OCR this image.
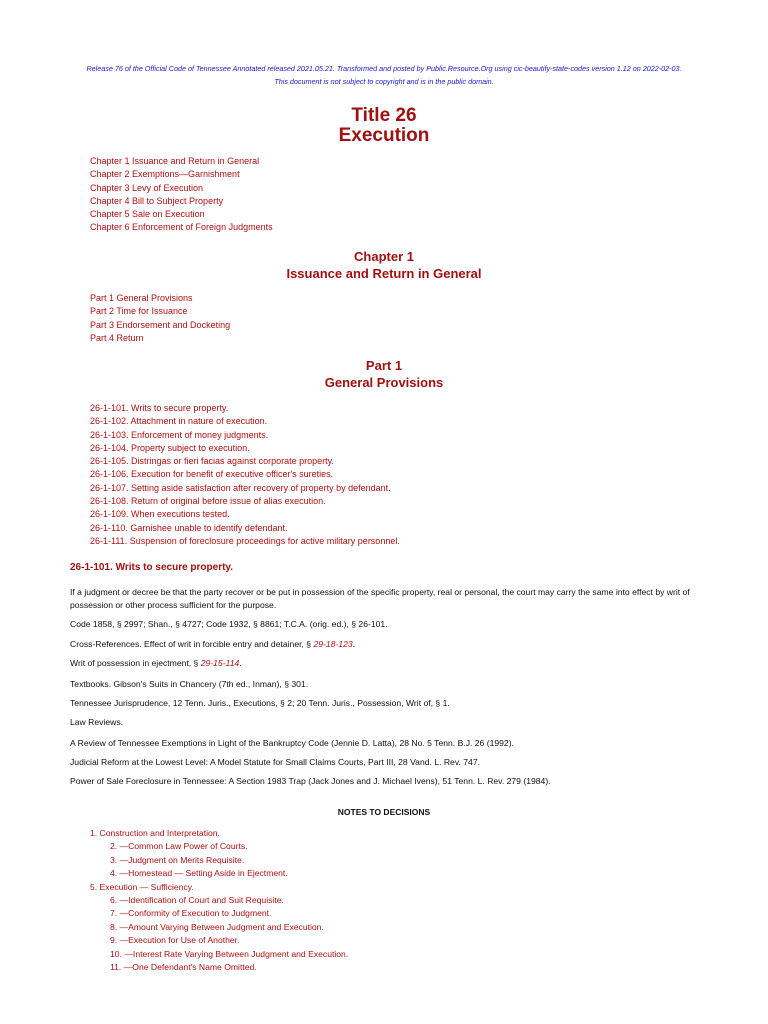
Release 76 of the Official Code of Tennessee Annotated released 2021.05.21. Transformed and posted by Public.Resource.Org using cic-beautify-state-codes version 1.12 on 2022-02-03.
This document is not subject to copyright and is in the public domain.
Title 26
Execution
Chapter 1 Issuance and Return in General
Chapter 2 Exemptions—Garnishment
Chapter 3 Levy of Execution
Chapter 4 Bill to Subject Property
Chapter 5 Sale on Execution
Chapter 6 Enforcement of Foreign Judgments
Chapter 1
Issuance and Return in General
Part 1 General Provisions
Part 2 Time for Issuance
Part 3 Endorsement and Docketing
Part 4 Return
Part 1
General Provisions
26-1-101. Writs to secure property.
26-1-102. Attachment in nature of execution.
26-1-103. Enforcement of money judgments.
26-1-104. Property subject to execution.
26-1-105. Distringas or fieri facias against corporate property.
26-1-106. Execution for benefit of executive officer's sureties.
26-1-107. Setting aside satisfaction after recovery of property by defendant.
26-1-108. Return of original before issue of alias execution.
26-1-109. When executions tested.
26-1-110. Garnishee unable to identify defendant.
26-1-111. Suspension of foreclosure proceedings for active military personnel.
26-1-101. Writs to secure property.

If a judgment or decree be that the party recover or be put in possession of the specific property, real or personal, the court may carry the same into effect by writ of possession or other process sufficient for the purpose.

Code 1858, § 2997; Shan., § 4727; Code 1932, § 8861; T.C.A. (orig. ed.), § 26-101.

Cross-References. Effect of writ in forcible entry and detainer, § 29-18-123.

Writ of possession in ejectment, § 29-15-114.

Textbooks. Gibson's Suits in Chancery (7th ed., Inman), § 301.

Tennessee Jurisprudence, 12 Tenn. Juris., Executions, § 2; 20 Tenn. Juris., Possession, Writ of, § 1.

Law Reviews.

A Review of Tennessee Exemptions in Light of the Bankruptcy Code (Jennie D. Latta), 28 No. 5 Tenn. B.J. 26 (1992).

Judicial Reform at the Lowest Level: A Model Statute for Small Claims Courts, Part III, 28 Vand. L. Rev. 747.

Power of Sale Foreclosure in Tennessee: A Section 1983 Trap (Jack Jones and J. Michael Ivens), 51 Tenn. L. Rev. 279 (1984).

NOTES TO DECISIONS
1. Construction and Interpretation.
2. —Common Law Power of Courts.
3. —Judgment on Merits Requisite.
4. —Homestead — Setting Aside in Ejectment.
5. Execution — Sufficiency.
6. —Identification of Court and Suit Requisite.
7. —Conformity of Execution to Judgment.
8. —Amount Varying Between Judgment and Execution.
9. —Execution for Use of Another.
10. —Interest Rate Varying Between Judgment and Execution.
11. —One Defendant's Name Omitted.
